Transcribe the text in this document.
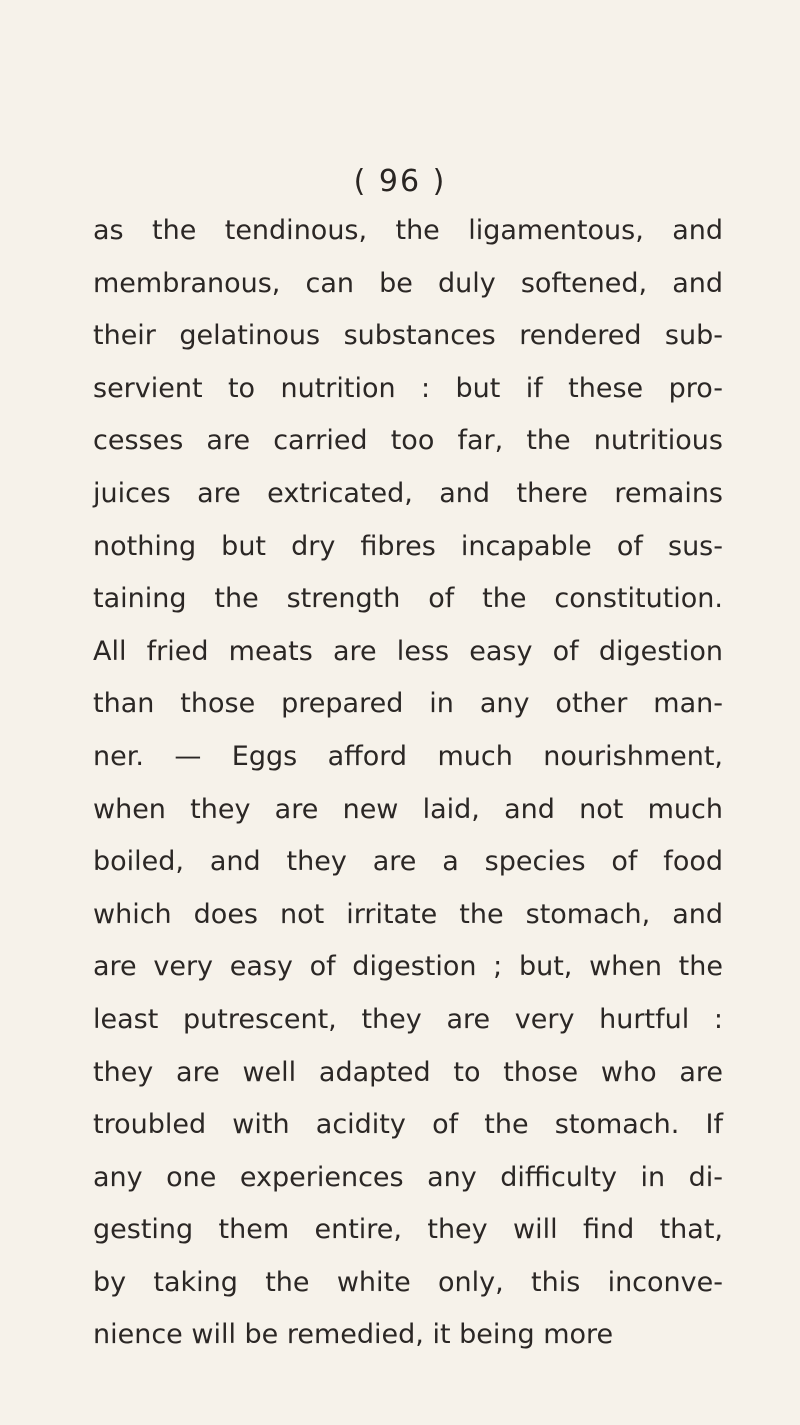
( 96 )
as the tendinous, the ligamentous, and
membranous, can be duly softened, and
their gelatinous substances rendered sub-
servient to nutrition : but if these pro-
cesses are carried too far, the nutritious
juices are extricated, and there remains
nothing but dry fibres incapable of sus-
taining the strength of the constitution.
All fried meats are less easy of digestion
than those prepared in any other man-
ner. — Eggs afford much nourishment,
when they are new laid, and not much
boiled, and they are a species of food
which does not irritate the stomach, and
are very easy of digestion ; but, when the
least putrescent, they are very hurtful :
they are well adapted to those who are
troubled with acidity of the stomach. If
any one experiences any difficulty in di-
gesting them entire, they will find that,
by taking the white only, this inconve-
nience will be remedied, it being more
